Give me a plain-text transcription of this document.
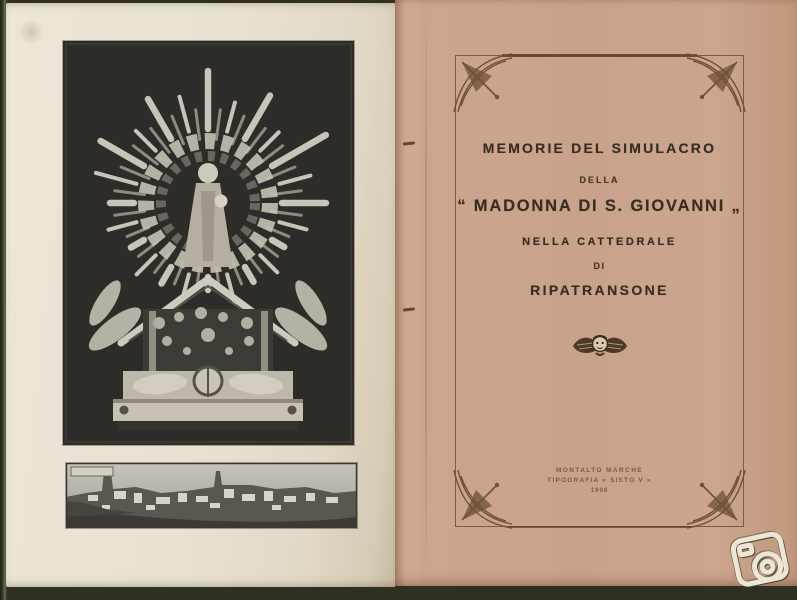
MEMORIE DEL SIMULACRO
DELLA
“ MADONNA DI S. GIOVANNI „
NELLA CATTEDRALE
DI
RIPATRANSONE
MONTALTO MARCHE
TIPOGRAFIA « SISTO V »
1906
